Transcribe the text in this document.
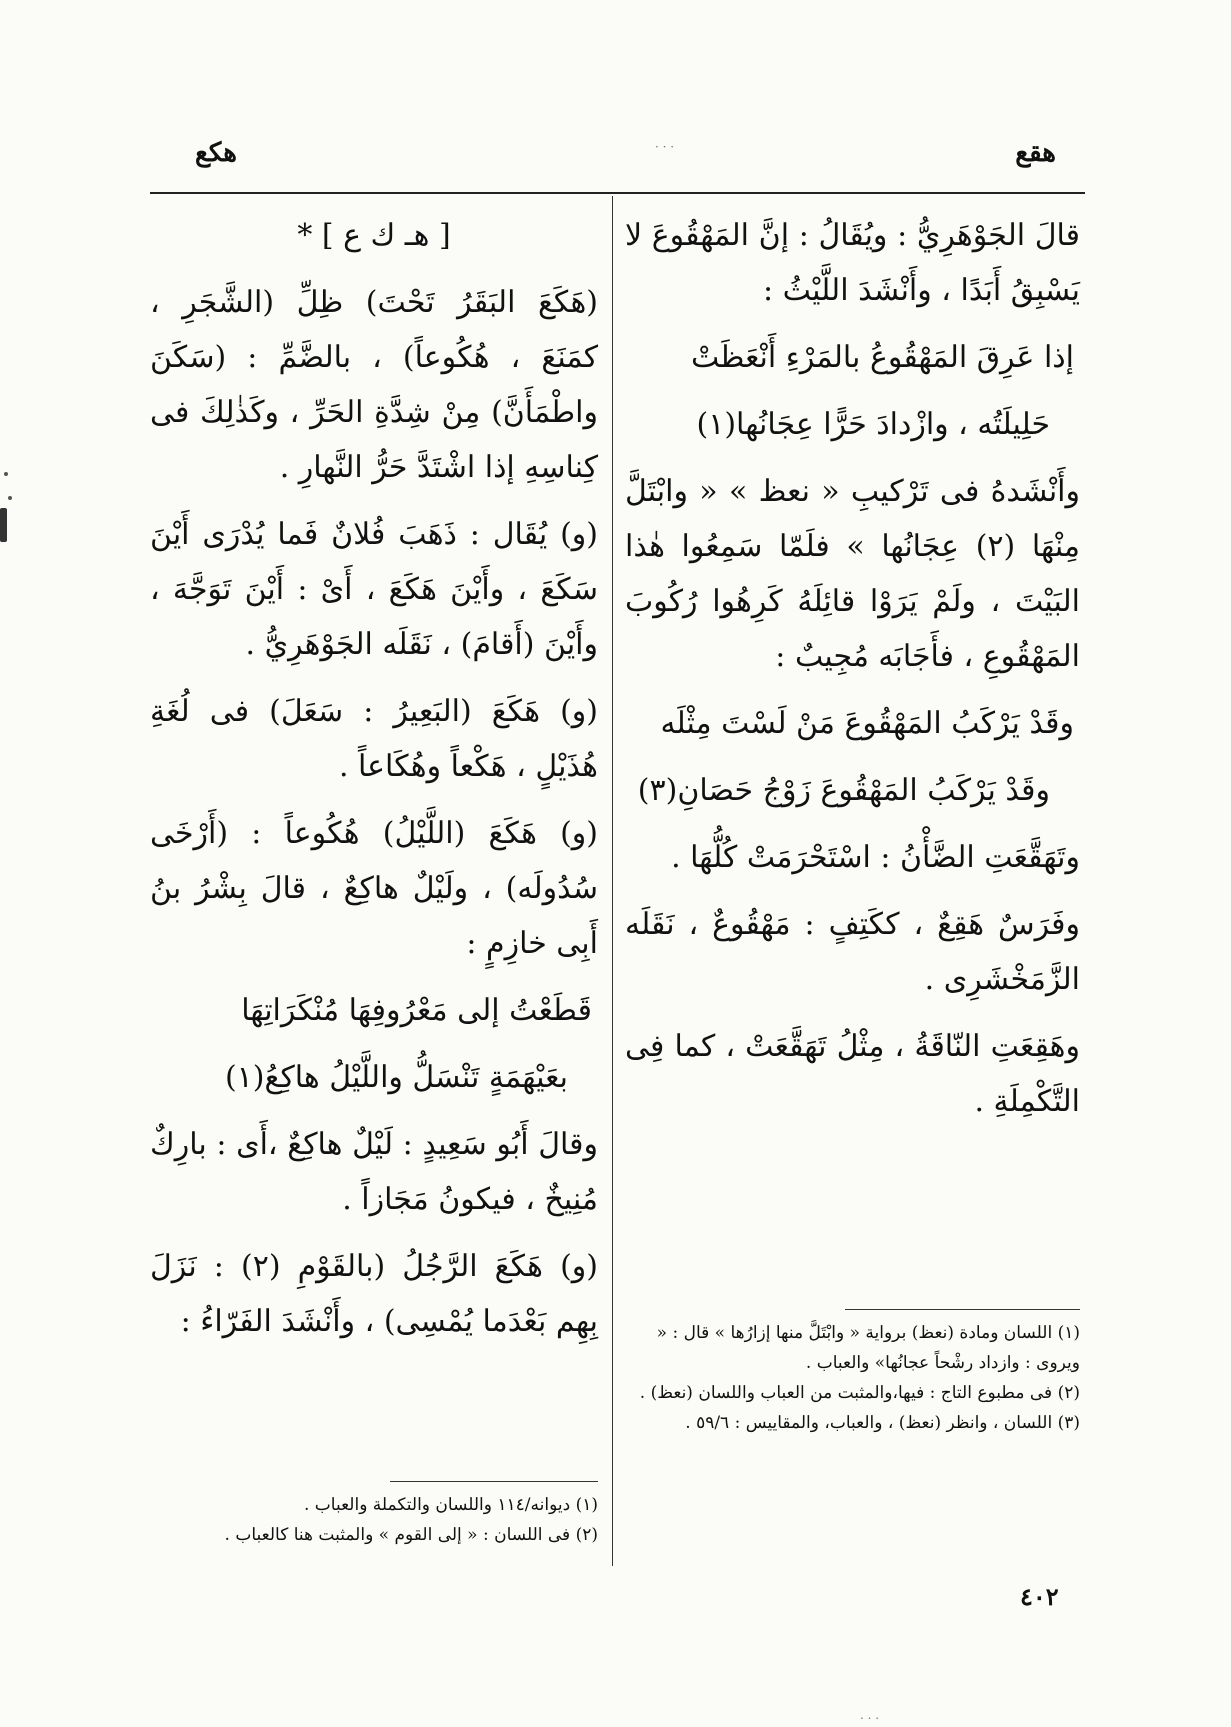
هقع
هكع	· · ·

قالَ الجَوْهَرِيُّ : ويُقَالُ : إنَّ المَهْقُوعَ لا يَسْبِقُ أَبَدًا ، وأَنْشَدَ اللَّيْثُ :

إذا عَرِقَ المَهْقُوعُ بالمَرْءِ أَنْعَظَتْ

حَلِيلَتُه ، وازْدادَ حَرًّا عِجَانُها(١)

وأَنْشَدهُ فى تَرْكيبِ « نعظ » « وابْتَلَّ مِنْهَا (٢) عِجَانُها » فلَمّا سَمِعُوا هٰذا البَيْتَ ، ولَمْ يَرَوْا قائِلَهُ كَرِهُوا رُكُوبَ المَهْقُوعِ ، فأَجَابَه مُجِيبٌ :

وقَدْ يَرْكَبُ المَهْقُوعَ مَنْ لَسْتَ مِثْلَه

وقَدْ يَرْكَبُ المَهْقُوعَ زَوْجُ حَصَانِ(٣)

وتَهَقَّعَتِ الضَّأْنُ : اسْتَحْرَمَتْ كُلُّهَا .

وفَرَسٌ هَقِعٌ ، ككَتِفٍ : مَهْقُوعٌ ، نَقَلَه الزَّمَخْشَرِى .

وهَقِعَتِ النّاقَةُ ، مِثْلُ تَهَقَّعَتْ ، كما فِى التَّكْمِلَةِ .

(١) اللسان ومادة (نعظ) برواية « وابْتَلَّ منها إزارُها » قال : « ويروى : وازداد رشْحاً عجانُها» والعباب .
(٢) فى مطبوع التاج : فيها،والمثبت من العباب واللسان (نعظ) .
(٣) اللسان ، وانظر (نعظ) ، والعباب، والمقاييس : ٥٩/٦ .

[ هـ ك ع ] *

(هَكَعَ البَقَرُ تَحْتَ) ظِلِّ (الشَّجَرِ ، كمَنَعَ ، هُكُوعاً) ، بالضَّمِّ : (سَكَنَ واطْمَأَنَّ) مِنْ شِدَّةِ الحَرِّ ، وكَذٰلِكَ فى كِناسِهِ إذا اشْتَدَّ حَرُّ النَّهارِ .

(و) يُقَال : ذَهَبَ فُلانٌ فَما يُدْرَى أَيْنَ سَكَعَ ، وأَيْنَ هَكَعَ ، أَىْ : أَيْنَ تَوَجَّهَ ، وأَيْنَ (أَقامَ) ، نَقَلَه الجَوْهَرِيُّ .

(و) هَكَعَ (البَعِيرُ : سَعَلَ) فى لُغَةِ هُذَيْلٍ ، هَكْعاً وهُكَاعاً .

(و) هَكَعَ (اللَّيْلُ) هُكُوعاً : (أَرْخَى سُدُولَه) ، ولَيْلٌ هاكِعٌ ، قالَ بِشْرُ بنُ أَبِى خازِمٍ :

قَطَعْتُ إلى مَعْرُوفِهَا مُنْكَرَاتِهَا

بعَيْهَمَةٍ تَنْسَلُّ واللَّيْلُ هاكِعُ(١)

وقالَ أَبُو سَعِيدٍ : لَيْلٌ هاكِعٌ ،أَى : بارِكٌ مُنِيخٌ ، فيكونُ مَجَازاً .

(و) هَكَعَ الرَّجُلُ (بالقَوْمِ (٢) : نَزَلَ بِهِم بَعْدَما يُمْسِى) ، وأَنْشَدَ الفَرّاءُ :

(١) ديوانه/١١٤ واللسان والتكملة والعباب .
(٢) فى اللسان : « إلى القوم » والمثبت هنا كالعباب .
٤٠٢
. . .
